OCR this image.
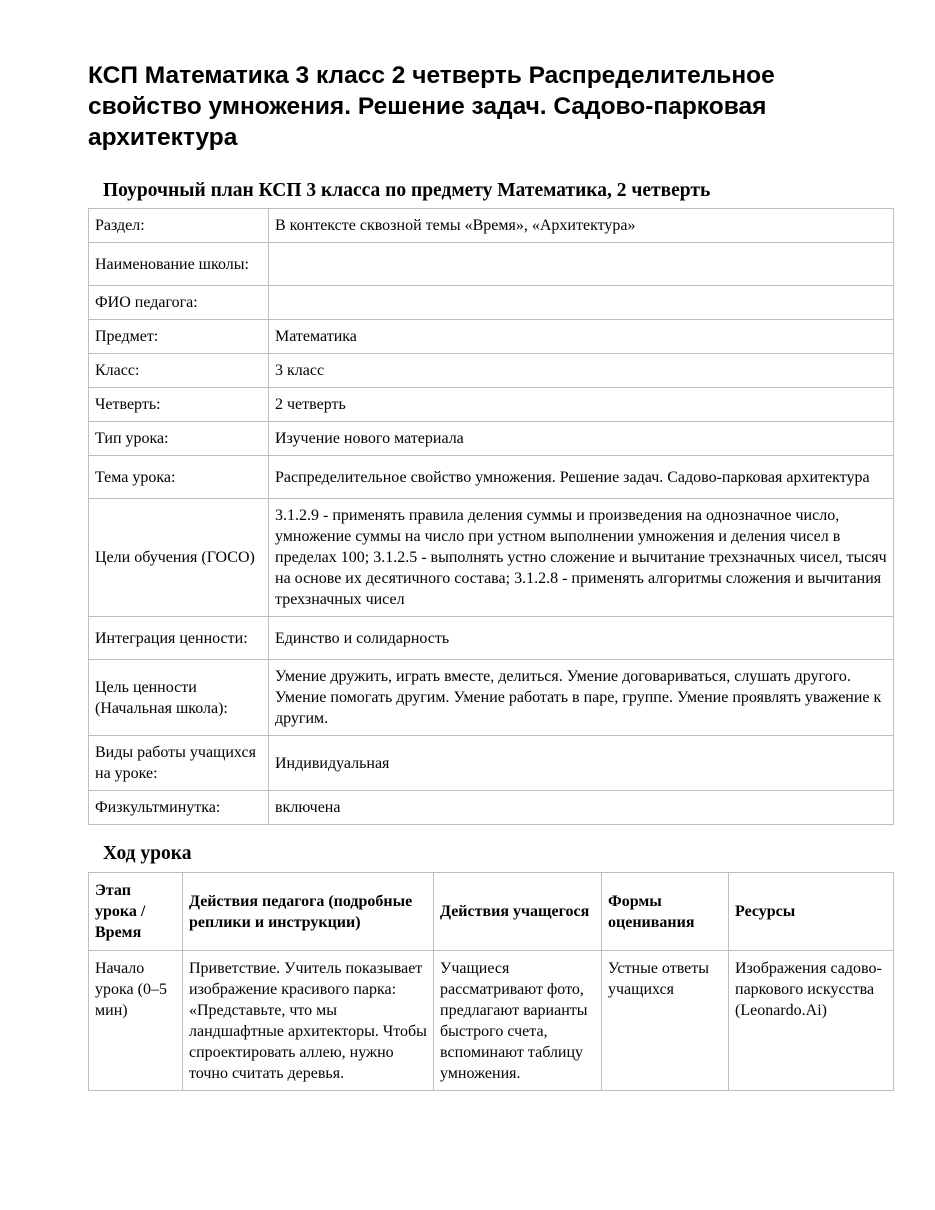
КСП Математика 3 класс 2 четверть Распределительное свойство умножения. Решение задач. Садово-парковая архитектура

Поурочный план КСП 3 класса по предмету Математика, 2 четверть

Раздел:	В контексте сквозной темы «Время», «Архитектура»
Наименование школы:	
ФИО педагога:	
Предмет:	Математика
Класс:	3 класс
Четверть:	2 четверть
Тип урока:	Изучение нового материала
Тема урока:	Распределительное свойство умножения. Решение задач. Садово-парковая архитектура
Цели обучения (ГОСО)	3.1.2.9 - применять правила деления суммы и произведения на однозначное число, умножение суммы на число при устном выполнении умножения и деления чисел в пределах 100; 3.1.2.5 - выполнять устно сложение и вычитание трехзначных чисел, тысяч на основе их десятичного состава; 3.1.2.8 - применять алгоритмы сложения и вычитания трехзначных чисел
Интеграция ценности:	Единство и солидарность
Цель ценности (Начальная школа):	Умение дружить, играть вместе, делиться. Умение договариваться, слушать другого. Умение помогать другим. Умение работать в паре, группе. Умение проявлять уважение к другим.
Виды работы учащихся на уроке:	Индивидуальная
Физкультминутка:	включена

Ход урока

Этап урока / Время	Действия педагога (подробные реплики и инструкции)	Действия учащегося	Формы оценивания	Ресурсы
Начало урока (0–5 мин)	Приветствие. Учитель показывает изображение красивого парка: «Представьте, что мы ландшафтные архитекторы. Чтобы спроектировать аллею, нужно точно считать деревья.	Учащиеся рассматривают фото, предлагают варианты быстрого счета, вспоминают таблицу умножения.	Устные ответы учащихся	Изображения садово-паркового искусства (Leonardo.Ai)
